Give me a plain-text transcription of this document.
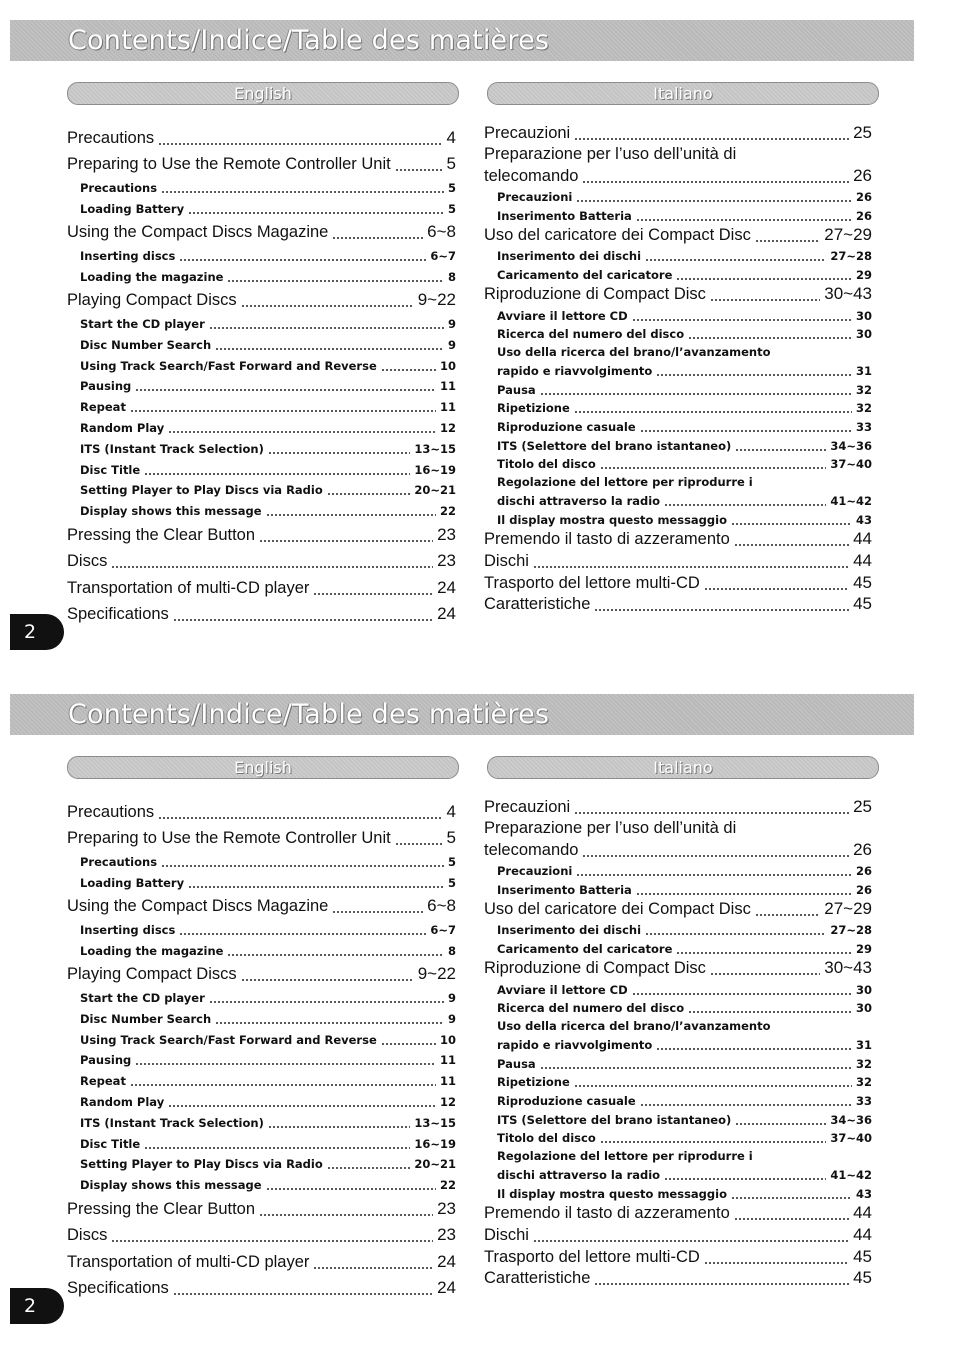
Contents/Indice/Table des matières
English	Italiano
Precautions	4
Preparing to Use the Remote Controller Unit	5
Precautions	5
Loading Battery	5
Using the Compact Discs Magazine	6~8
Inserting discs	6~7
Loading the magazine	8
Playing Compact Discs	9~22
Start the CD player	9
Disc Number Search	9
Using Track Search/Fast Forward and Reverse	10
Pausing	11
Repeat	11
Random Play	12
ITS (Instant Track Selection)	13~15
Disc Title	16~19
Setting Player to Play Discs via Radio	20~21
Display shows this message	22
Pressing the Clear Button	23
Discs	23
Transportation of multi-CD player	24
Specifications	24
Precauzioni	25
Preparazione per l’uso dell’unità di
telecomando	26
Precauzioni	26
Inserimento Batteria	26
Uso del caricatore dei Compact Disc	27~29
Inserimento dei dischi	27~28
Caricamento del caricatore	29
Riproduzione di Compact Disc	30~43
Avviare il lettore CD	30
Ricerca del numero del disco	30
Uso della ricerca del brano/l’avanzamento
rapido e riavvolgimento	31
Pausa	32
Ripetizione	32
Riproduzione casuale	33
ITS (Selettore del brano istantaneo)	34~36
Titolo del disco	37~40
Regolazione del lettore per riprodurre i
dischi attraverso la radio	41~42
Il display mostra questo messaggio	43
Premendo il tasto di azzeramento	44
Dischi	44
Trasporto del lettore multi-CD	45
Caratteristiche	45
2
Contents/Indice/Table des matières
English	Italiano
Precautions	4
Preparing to Use the Remote Controller Unit	5
Precautions	5
Loading Battery	5
Using the Compact Discs Magazine	6~8
Inserting discs	6~7
Loading the magazine	8
Playing Compact Discs	9~22
Start the CD player	9
Disc Number Search	9
Using Track Search/Fast Forward and Reverse	10
Pausing	11
Repeat	11
Random Play	12
ITS (Instant Track Selection)	13~15
Disc Title	16~19
Setting Player to Play Discs via Radio	20~21
Display shows this message	22
Pressing the Clear Button	23
Discs	23
Transportation of multi-CD player	24
Specifications	24
Precauzioni	25
Preparazione per l’uso dell’unità di
telecomando	26
Precauzioni	26
Inserimento Batteria	26
Uso del caricatore dei Compact Disc	27~29
Inserimento dei dischi	27~28
Caricamento del caricatore	29
Riproduzione di Compact Disc	30~43
Avviare il lettore CD	30
Ricerca del numero del disco	30
Uso della ricerca del brano/l’avanzamento
rapido e riavvolgimento	31
Pausa	32
Ripetizione	32
Riproduzione casuale	33
ITS (Selettore del brano istantaneo)	34~36
Titolo del disco	37~40
Regolazione del lettore per riprodurre i
dischi attraverso la radio	41~42
Il display mostra questo messaggio	43
Premendo il tasto di azzeramento	44
Dischi	44
Trasporto del lettore multi-CD	45
Caratteristiche	45
2
